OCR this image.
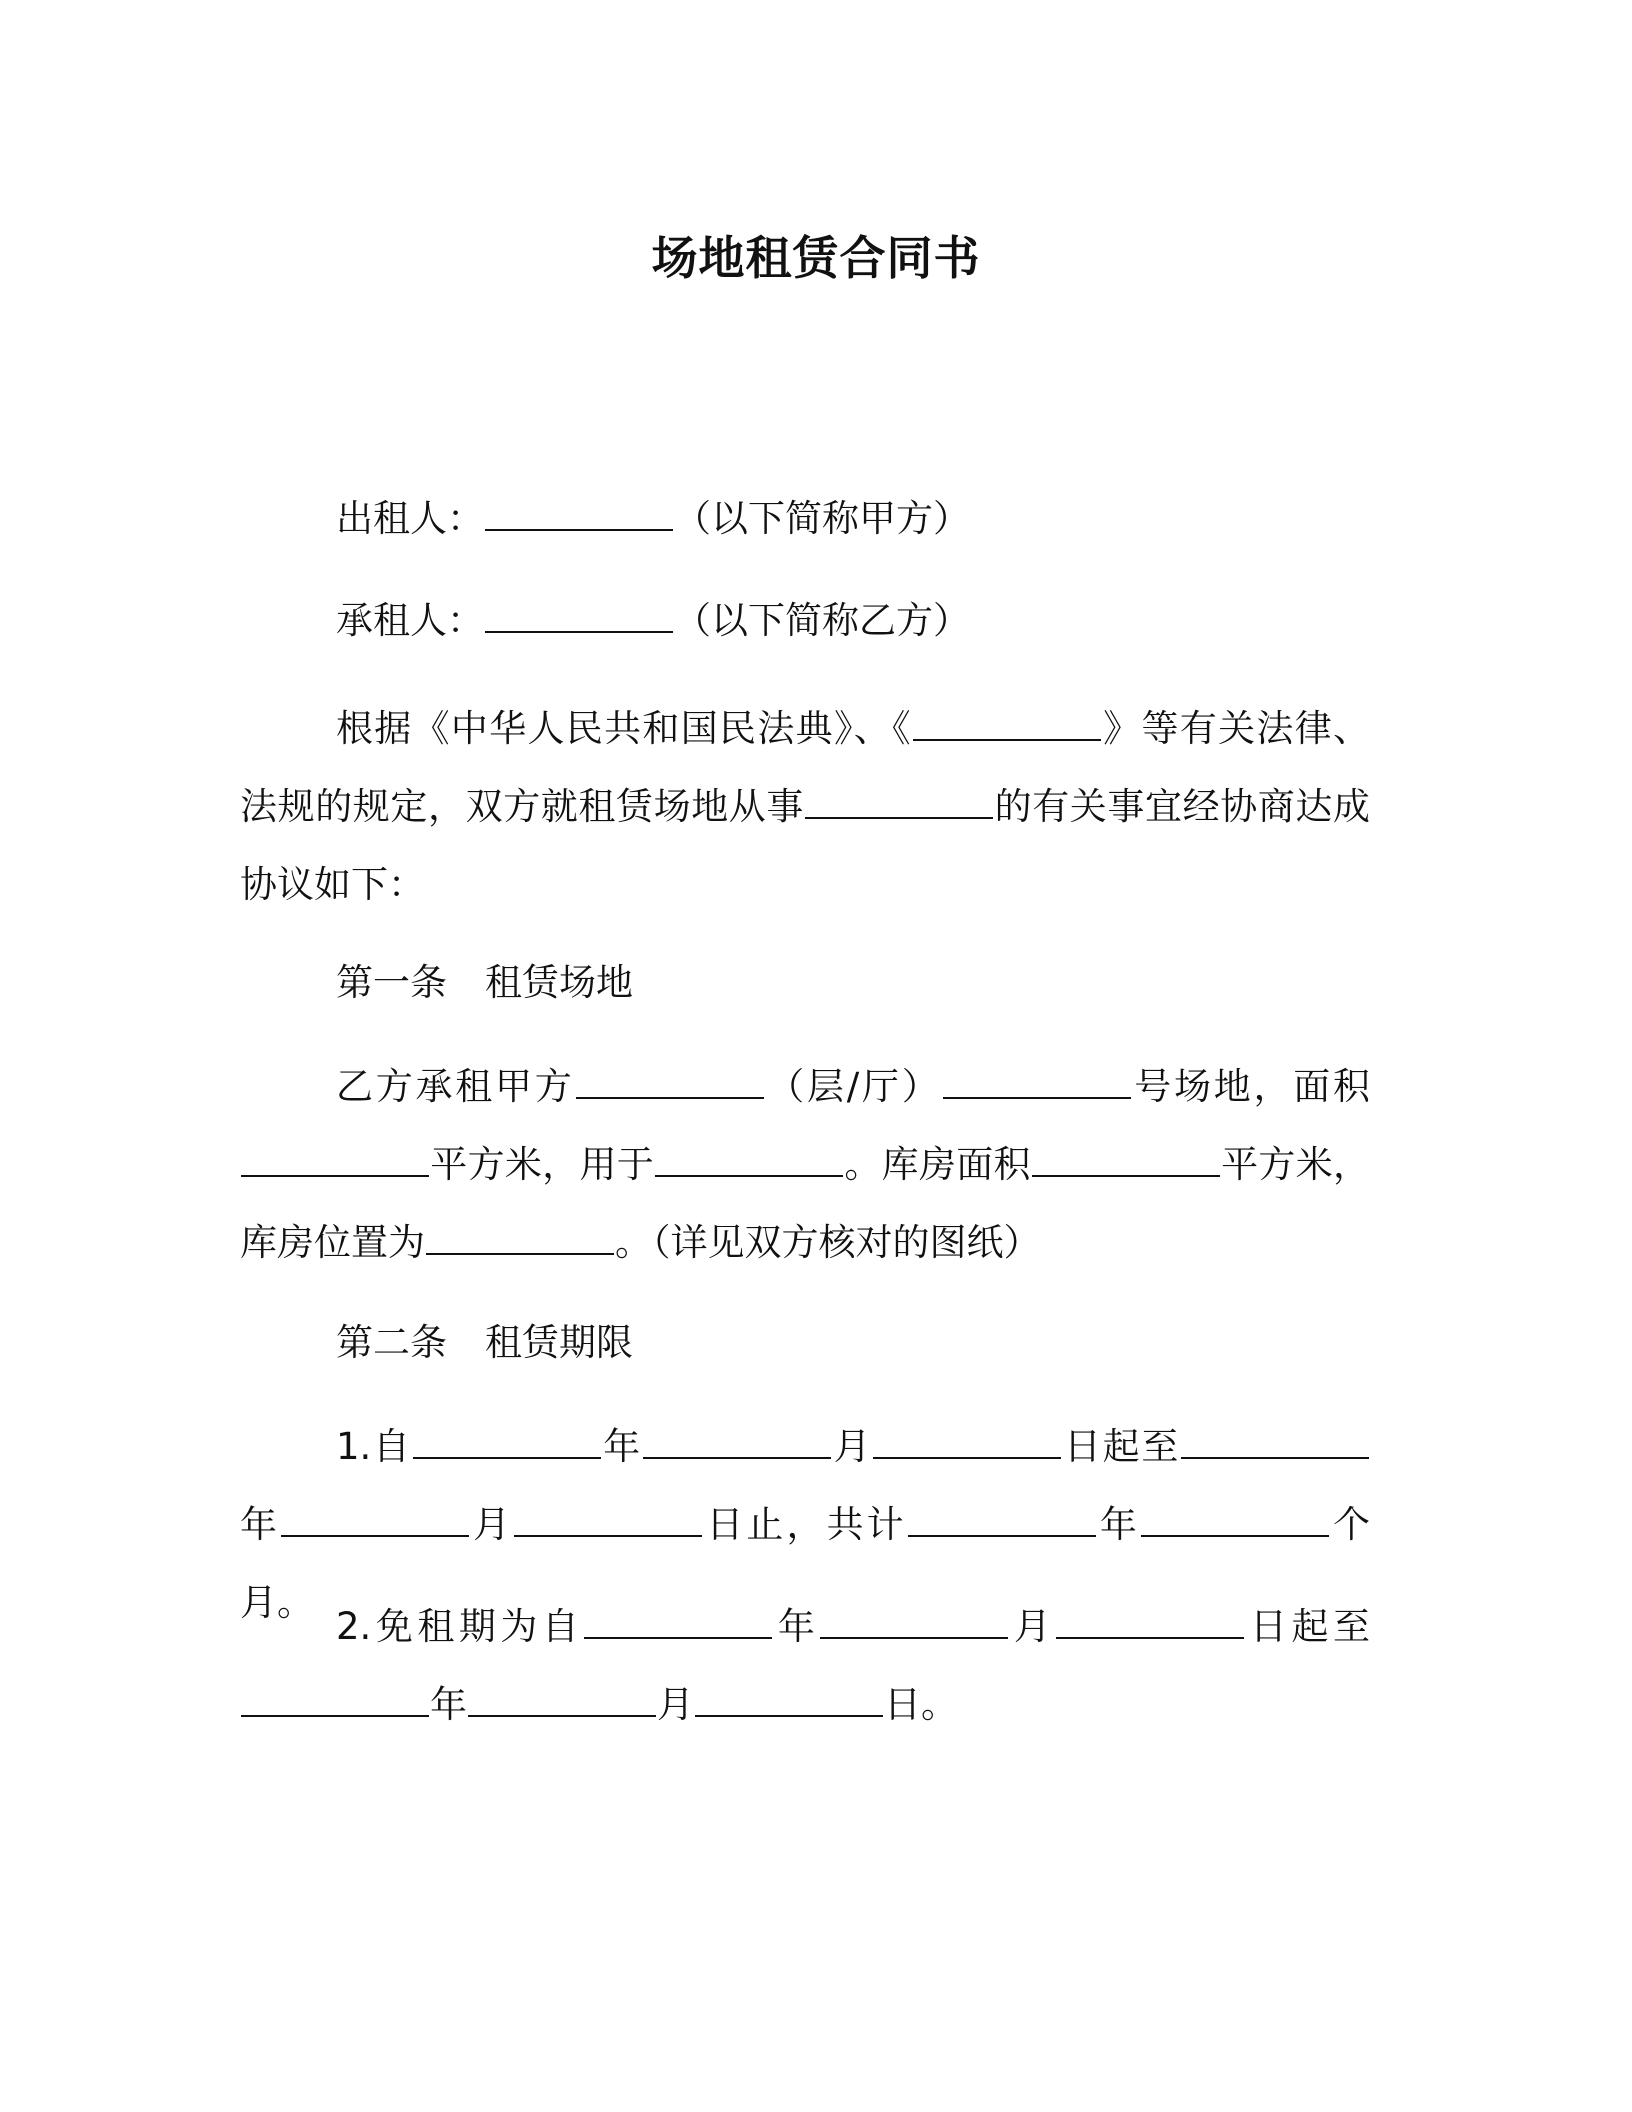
场地租赁合同书

出租人：	（以下简称甲方）

承租人：	（以下简称乙方）

根据《中华人民共和国民法典》、《	》等有关法律、法规的规定，双方就租赁场地从事	的有关事宜经协商达成协议如下：

第一条 租赁场地

乙方承租甲方	（层/厅）	号场地，面积平方米，用于	。库房面积	平方米，库房位置为	。（详见双方核对的图纸）

第二条 租赁期限

1.自	年	月	日起至年	月	日止，共计	年	个月。

2.免租期为自	年	月	日起至年	月	日。
